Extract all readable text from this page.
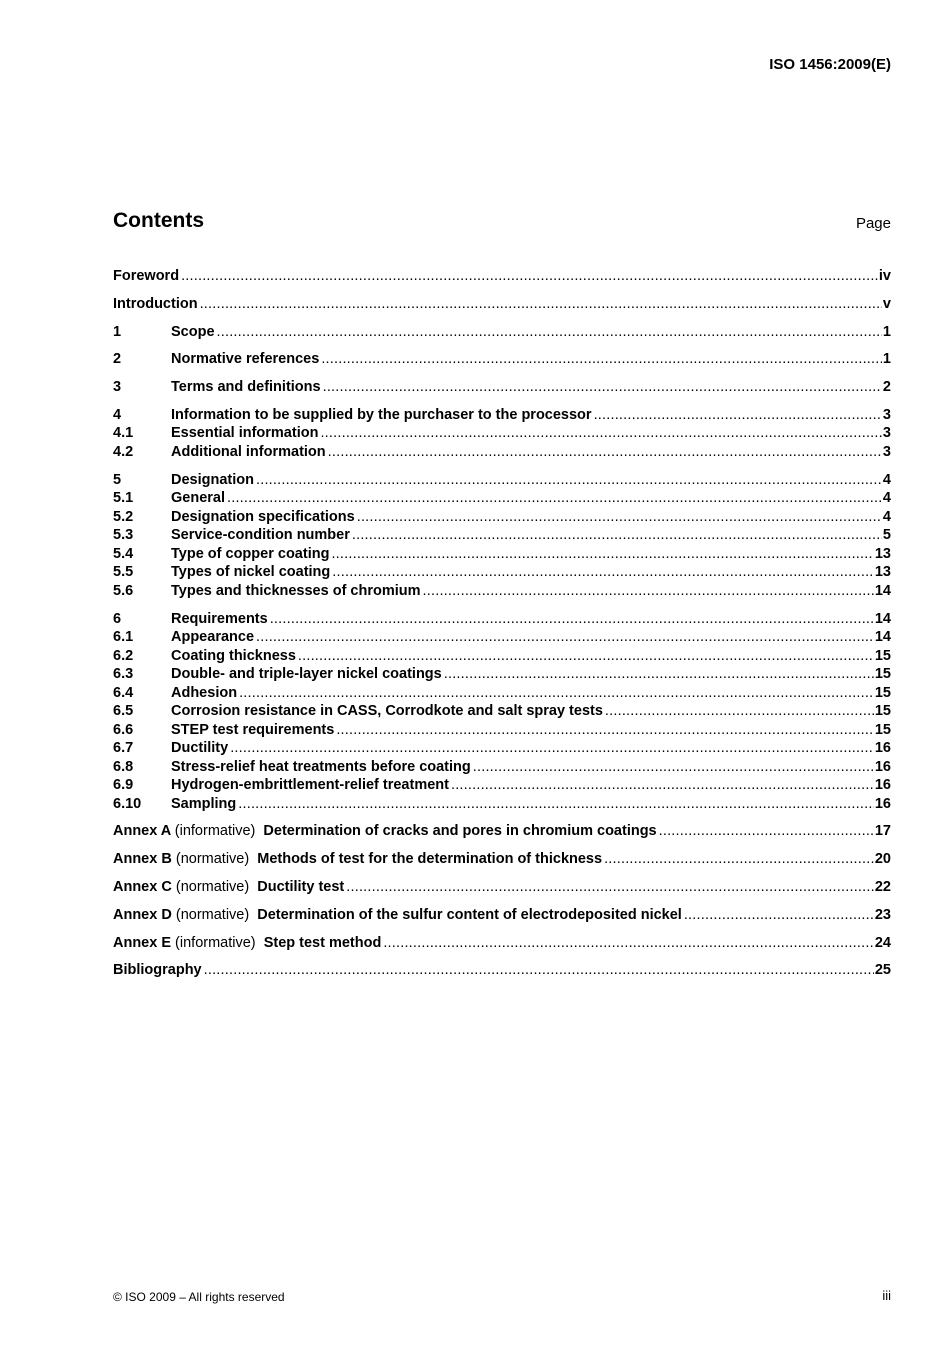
ISO 1456:2009(E)
Contents	Page
Foreword .....	iv
Introduction .....	v
1	Scope .....	1
2	Normative references .....	1
3	Terms and definitions .....	2
4	Information to be supplied by the purchaser to the processor .....	3
4.1	Essential information .....	3
4.2	Additional information .....	3
5	Designation .....	4
5.1	General .....	4
5.2	Designation specifications .....	4
5.3	Service-condition number .....	5
5.4	Type of copper coating .....	13
5.5	Types of nickel coating .....	13
5.6	Types and thicknesses of chromium .....	14
6	Requirements .....	14
6.1	Appearance .....	14
6.2	Coating thickness .....	15
6.3	Double- and triple-layer nickel coatings .....	15
6.4	Adhesion .....	15
6.5	Corrosion resistance in CASS, Corrodkote and salt spray tests .....	15
6.6	STEP test requirements .....	15
6.7	Ductility .....	16
6.8	Stress-relief heat treatments before coating .....	16
6.9	Hydrogen-embrittlement-relief treatment .....	16
6.10	Sampling .....	16
Annex A (informative) Determination of cracks and pores in chromium coatings .....	17
Annex B (normative) Methods of test for the determination of thickness .....	20
Annex C (normative) Ductility test .....	22
Annex D (normative) Determination of the sulfur content of electrodeposited nickel .....	23
Annex E (informative) Step test method .....	24
Bibliography .....	25
© ISO 2009 – All rights reserved	iii
